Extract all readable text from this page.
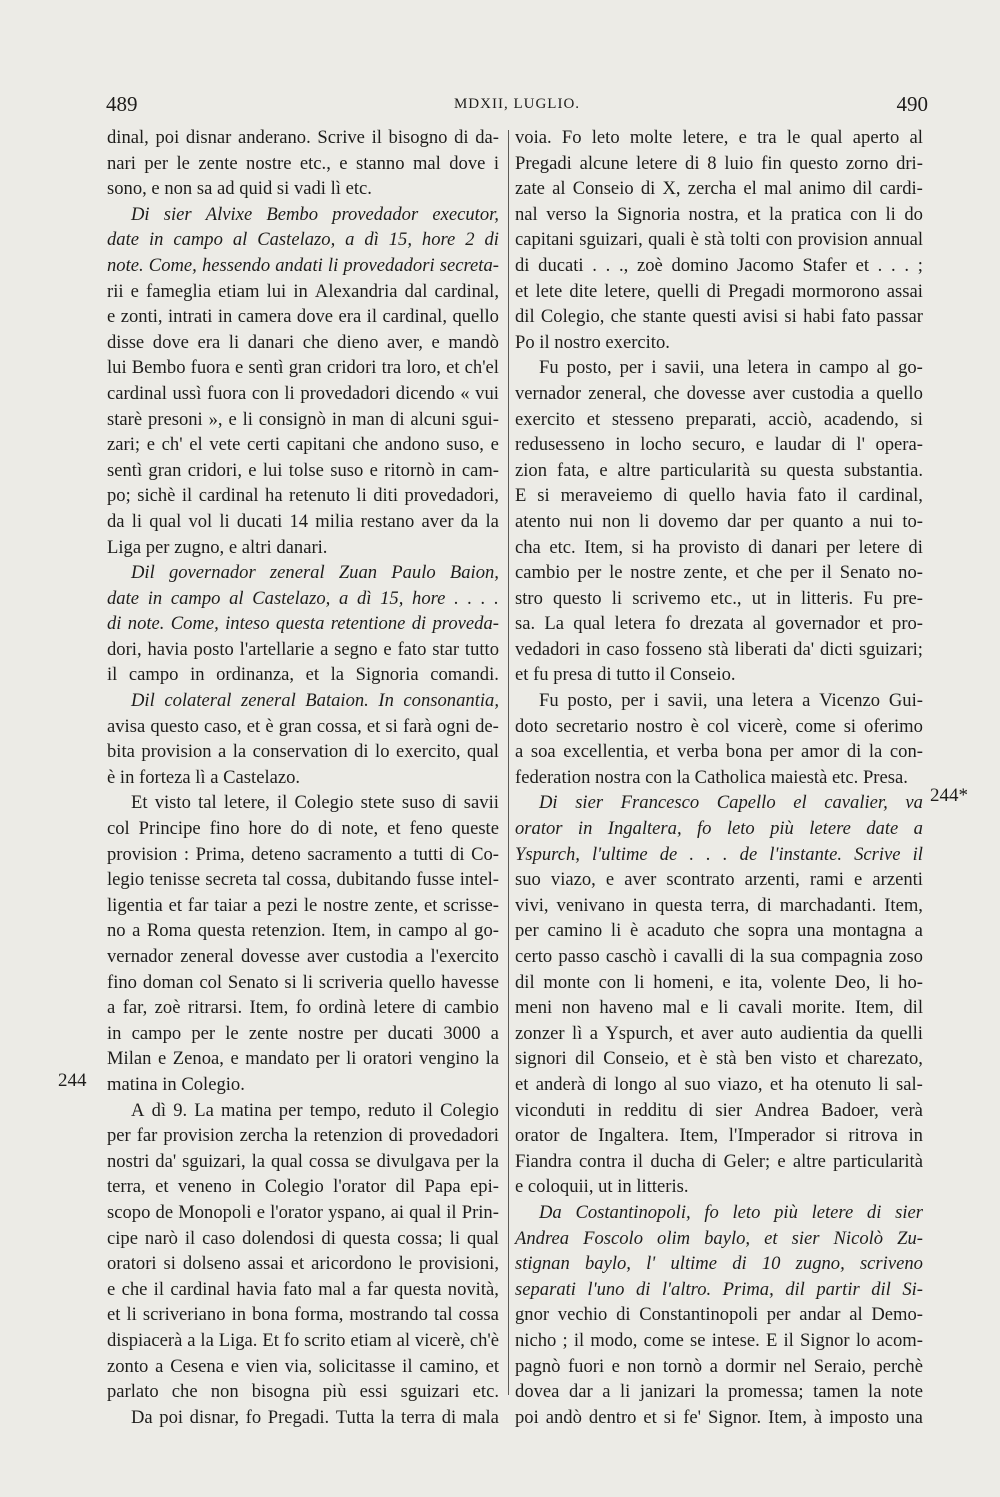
489	MDXII, LUGLIO.	490
dinal, poi disnar anderano. Scrive il bisogno di da-
nari per le zente nostre etc., e stanno mal dove i
sono, e non sa ad quid si vadi lì etc.
Di sier Alvixe Bembo provedador executor,
date in campo al Castelazo, a dì 15, hore 2 di
note. Come, hessendo andati li provedadori secreta-
rii e fameglia etiam lui in Alexandria dal cardinal,
e zonti, intrati in camera dove era il cardinal, quello
disse dove era li danari che dieno aver, e mandò
lui Bembo fuora e sentì gran cridori tra loro, et ch'el
cardinal ussì fuora con li provedadori dicendo « vui
starè presoni », e li consignò in man di alcuni sgui-
zari; e ch' el vete certi capitani che andono suso, e
sentì gran cridori, e lui tolse suso e ritornò in cam-
po; sichè il cardinal ha retenuto li diti provedadori,
da li qual vol li ducati 14 milia restano aver da la
Liga per zugno, e altri danari.
Dil governador zeneral Zuan Paulo Baion,
date in campo al Castelazo, a dì 15, hore . . . .
di note. Come, inteso questa retentione di proveda-
dori, havia posto l'artellarie a segno e fato star tutto
il campo in ordinanza, et la Signoria comandi.
Dil colateral zeneral Bataion. In consonantia,
avisa questo caso, et è gran cossa, et si farà ogni de-
bita provision a la conservation di lo exercito, qual
è in forteza lì a Castelazo.
Et visto tal letere, il Colegio stete suso di savii
col Principe fino hore do di note, et feno queste
provision : Prima, deteno sacramento a tutti di Co-
legio tenisse secreta tal cossa, dubitando fusse intel-
ligentia et far taiar a pezi le nostre zente, et scrisse-
no a Roma questa retenzion. Item, in campo al go-
vernador zeneral dovesse aver custodia a l'exercito
fino doman col Senato si li scriveria quello havesse
a far, zoè ritrarsi. Item, fo ordinà letere di cambio
in campo per le zente nostre per ducati 3000 a
Milan e Zenoa, e mandato per li oratori vengino la
matina in Colegio.
A dì 9. La matina per tempo, reduto il Colegio
per far provision zercha la retenzion di provedadori
nostri da' sguizari, la qual cossa se divulgava per la
terra, et veneno in Colegio l'orator dil Papa epi-
scopo de Monopoli e l'orator yspano, ai qual il Prin-
cipe narò il caso dolendosi di questa cossa; li qual
oratori si dolseno assai et aricordono le provisioni,
e che il cardinal havia fato mal a far questa novità,
et li scriveriano in bona forma, mostrando tal cossa
dispiacerà a la Liga. Et fo scrito etiam al vicerè, ch'è
zonto a Cesena e vien via, solicitasse il camino, et
parlato che non bisogna più essi sguizari etc.
Da poi disnar, fo Pregadi. Tutta la terra di mala
voia. Fo leto molte letere, e tra le qual aperto al
Pregadi alcune letere di 8 luio fin questo zorno dri-
zate al Conseio di X, zercha el mal animo dil cardi-
nal verso la Signoria nostra, et la pratica con li do
capitani sguizari, quali è stà tolti con provision annual
di ducati . . ., zoè domino Jacomo Stafer et . . . ;
et lete dite letere, quelli di Pregadi mormorono assai
dil Colegio, che stante questi avisi si habi fato passar
Po il nostro exercito.
Fu posto, per i savii, una letera in campo al go-
vernador zeneral, che dovesse aver custodia a quello
exercito et stesseno preparati, acciò, acadendo, si
redusesseno in locho securo, e laudar di l' opera-
zion fata, e altre particularità su questa substantia.
E si meraveiemo di quello havia fato il cardinal,
atento nui non li dovemo dar per quanto a nui to-
cha etc. Item, si ha provisto di danari per letere di
cambio per le nostre zente, et che per il Senato no-
stro questo li scrivemo etc., ut in litteris. Fu pre-
sa. La qual letera fo drezata al governador et pro-
vedadori in caso fosseno stà liberati da' dicti sguizari;
et fu presa di tutto il Conseio.
Fu posto, per i savii, una letera a Vicenzo Gui-
doto secretario nostro è col vicerè, come si oferimo
a soa excellentia, et verba bona per amor di la con-
federation nostra con la Catholica maiestà etc. Presa.
Di sier Francesco Capello el cavalier, va
orator in Ingaltera, fo leto più letere date a
Yspurch, l'ultime de . . . de l'instante. Scrive il
suo viazo, e aver scontrato arzenti, rami e arzenti
vivi, venivano in questa terra, di marchadanti. Item,
per camino li è acaduto che sopra una montagna a
certo passo caschò i cavalli di la sua compagnia zoso
dil monte con li homeni, e ita, volente Deo, li ho-
meni non haveno mal e li cavali morite. Item, dil
zonzer lì a Yspurch, et aver auto audientia da quelli
signori dil Conseio, et è stà ben visto et charezato,
et anderà di longo al suo viazo, et ha otenuto li sal-
viconduti in redditu di sier Andrea Badoer, verà
orator de Ingaltera. Item, l'Imperador si ritrova in
Fiandra contra il ducha di Geler; e altre particularità
e coloquii, ut in litteris.
Da Costantinopoli, fo leto più letere di sier
Andrea Foscolo olim baylo, et sier Nicolò Zu-
stignan baylo, l' ultime di 10 zugno, scriveno
separati l'uno di l'altro. Prima, dil partir dil Si-
gnor vechio di Constantinopoli per andar al Demo-
nicho ; il modo, come se intese. E il Signor lo acom-
pagnò fuori e non tornò a dormir nel Seraio, perchè
dovea dar a li janizari la promessa; tamen la note
poi andò dentro et si fe' Signor. Item, à imposto una
244
244*
